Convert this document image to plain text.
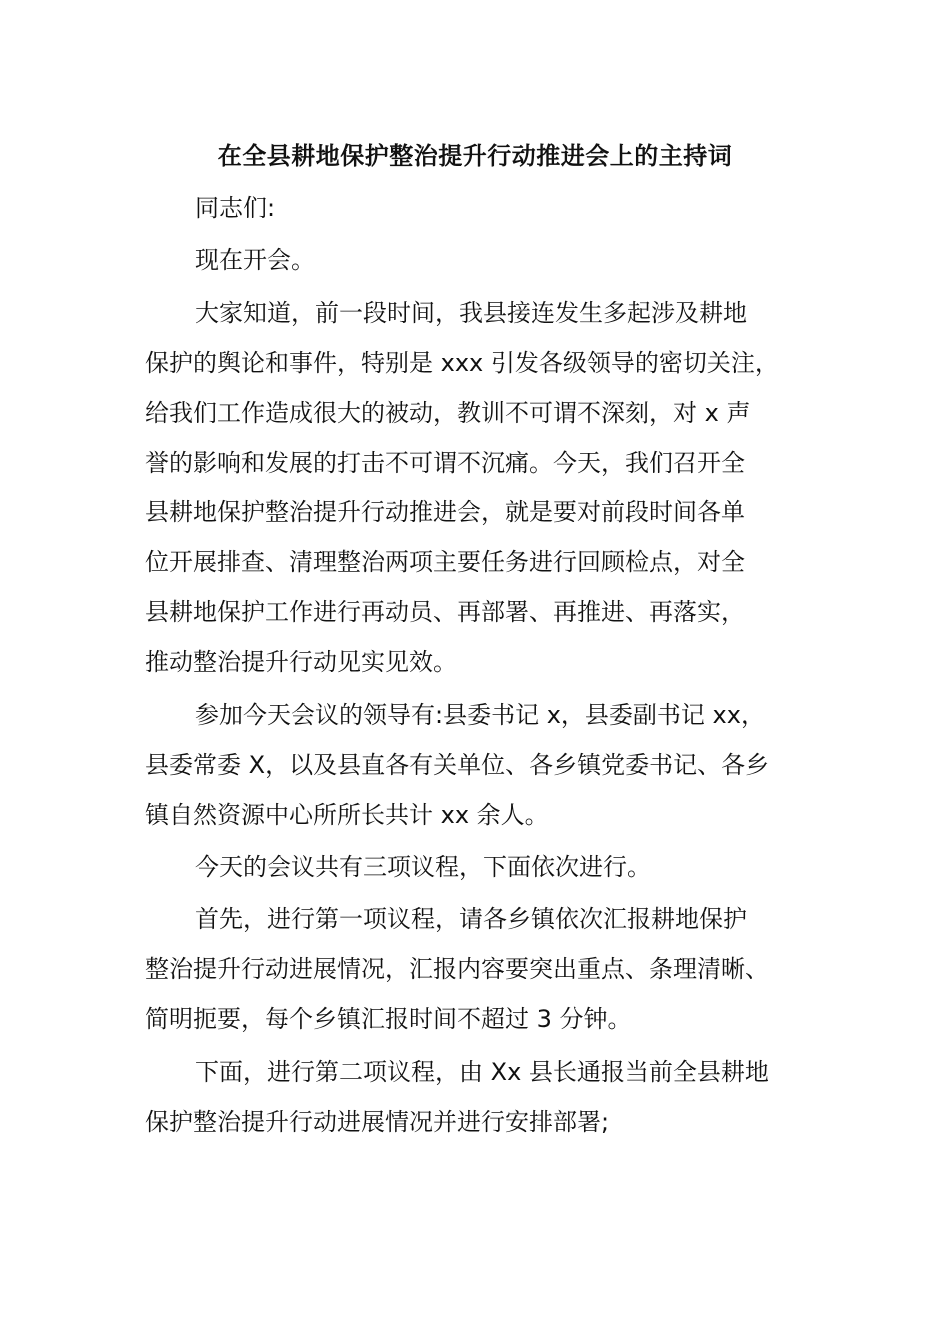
在全县耕地保护整治提升行动推进会上的主持词
同志们:
现在开会。
大家知道，前一段时间，我县接连发生多起涉及耕地
保护的舆论和事件，特别是 xxx 引发各级领导的密切关注，
给我们工作造成很大的被动，教训不可谓不深刻，对 x 声
誉的影响和发展的打击不可谓不沉痛。今天，我们召开全
县耕地保护整治提升行动推进会，就是要对前段时间各单
位开展排查、清理整治两项主要任务进行回顾检点，对全
县耕地保护工作进行再动员、再部署、再推进、再落实，
推动整治提升行动见实见效。
参加今天会议的领导有:县委书记 x，县委副书记 xx，
县委常委 X，以及县直各有关单位、各乡镇党委书记、各乡
镇自然资源中心所所长共计 xx 余人。
今天的会议共有三项议程，下面依次进行。
首先，进行第一项议程，请各乡镇依次汇报耕地保护
整治提升行动进展情况，汇报内容要突出重点、条理清晰、
简明扼要，每个乡镇汇报时间不超过 3 分钟。
下面，进行第二项议程，由 Xx 县长通报当前全县耕地
保护整治提升行动进展情况并进行安排部署;
